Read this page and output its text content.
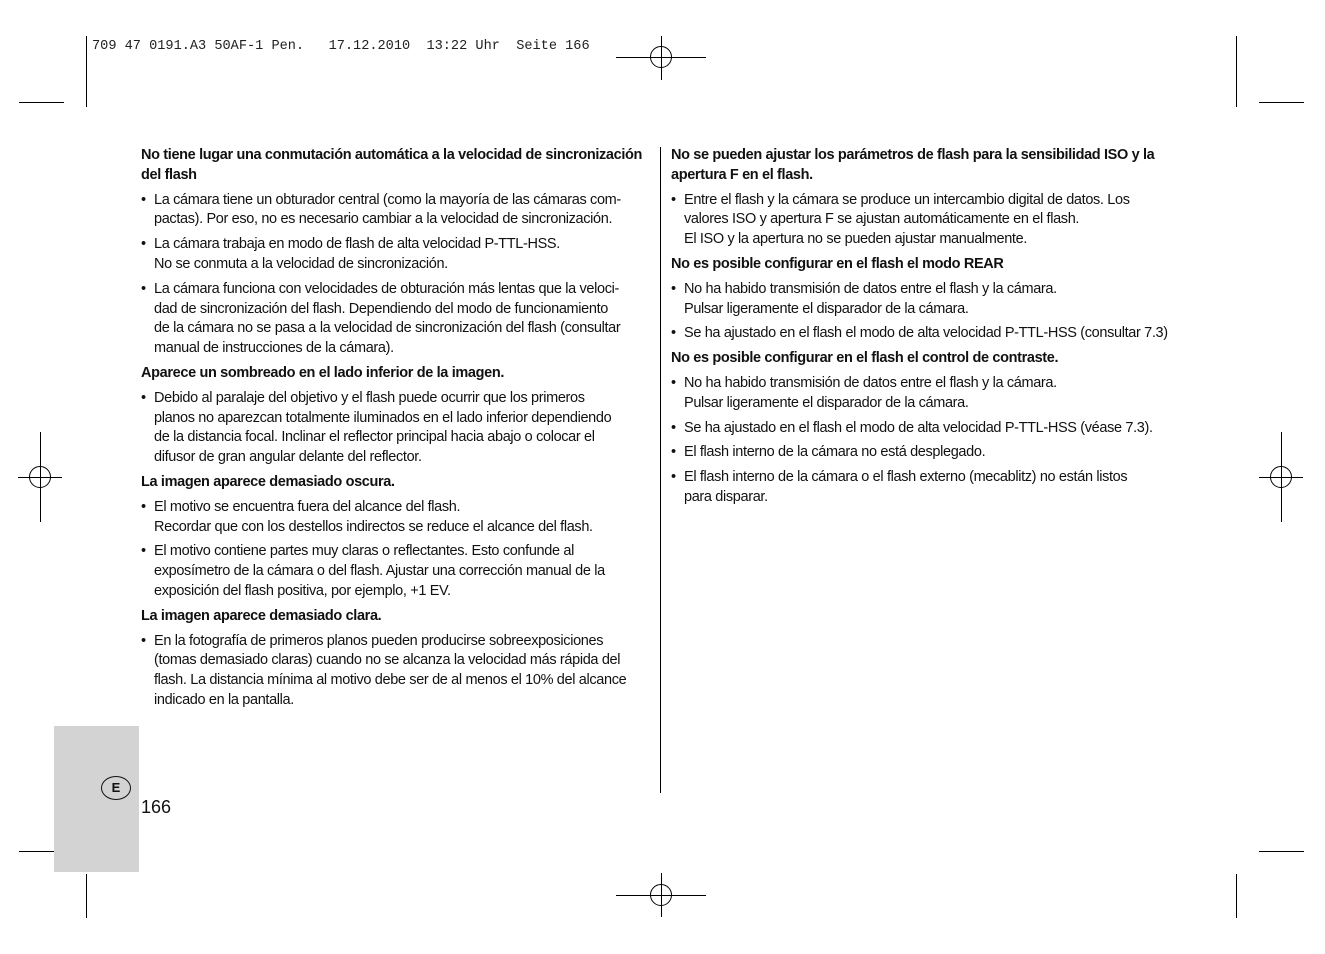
709 47 0191.A3 50AF-1 Pen.   17.12.2010  13:22 Uhr  Seite 166
E
166
No tiene lugar una conmutación automática a la velocidad de sincronización
del flash
• La cámara tiene un obturador central (como la mayoría de las cámaras com-
pactas). Por eso, no es necesario cambiar a la velocidad de sincronización.
• La cámara trabaja en modo de flash de alta velocidad P-TTL-HSS.
No se conmuta a la velocidad de sincronización.
• La cámara funciona con velocidades de obturación más lentas que la veloci-
dad de sincronización del flash. Dependiendo del modo de funcionamiento
de la cámara no se pasa a la velocidad de sincronización del flash (consultar
manual de instrucciones de la cámara).
Aparece un sombreado en el lado inferior de la imagen.
• Debido al paralaje del objetivo y el flash puede ocurrir que los primeros
planos no aparezcan totalmente iluminados en el lado inferior dependiendo
de la distancia focal. Inclinar el reflector principal hacia abajo o colocar el
difusor de gran angular delante del reflector.
La imagen aparece demasiado oscura.
• El motivo se encuentra fuera del alcance del flash.
Recordar que con los destellos indirectos se reduce el alcance del flash.
• El motivo contiene partes muy claras o reflectantes. Esto confunde al
exposímetro de la cámara o del flash. Ajustar una corrección manual de la
exposición del flash positiva, por ejemplo, +1 EV.
La imagen aparece demasiado clara.
• En la fotografía de primeros planos pueden producirse sobreexposiciones
(tomas demasiado claras) cuando no se alcanza la velocidad más rápida del
flash. La distancia mínima al motivo debe ser de al menos el 10% del alcance
indicado en la pantalla.
No se pueden ajustar los parámetros de flash para la sensibilidad ISO y la
apertura F en el flash.
• Entre el flash y la cámara se produce un intercambio digital de datos. Los
valores ISO y apertura F se ajustan automáticamente en el flash.
El ISO y la apertura no se pueden ajustar manualmente.
No es posible configurar en el flash el modo REAR
• No ha habido transmisión de datos entre el flash y la cámara.
Pulsar ligeramente el disparador de la cámara.
• Se ha ajustado en el flash el modo de alta velocidad P-TTL-HSS (consultar 7.3)
No es posible configurar en el flash el control de contraste.
• No ha habido transmisión de datos entre el flash y la cámara.
Pulsar ligeramente el disparador de la cámara.
• Se ha ajustado en el flash el modo de alta velocidad P-TTL-HSS (véase 7.3).
• El flash interno de la cámara no está desplegado.
• El flash interno de la cámara o el flash externo (mecablitz) no están listos
para disparar.
